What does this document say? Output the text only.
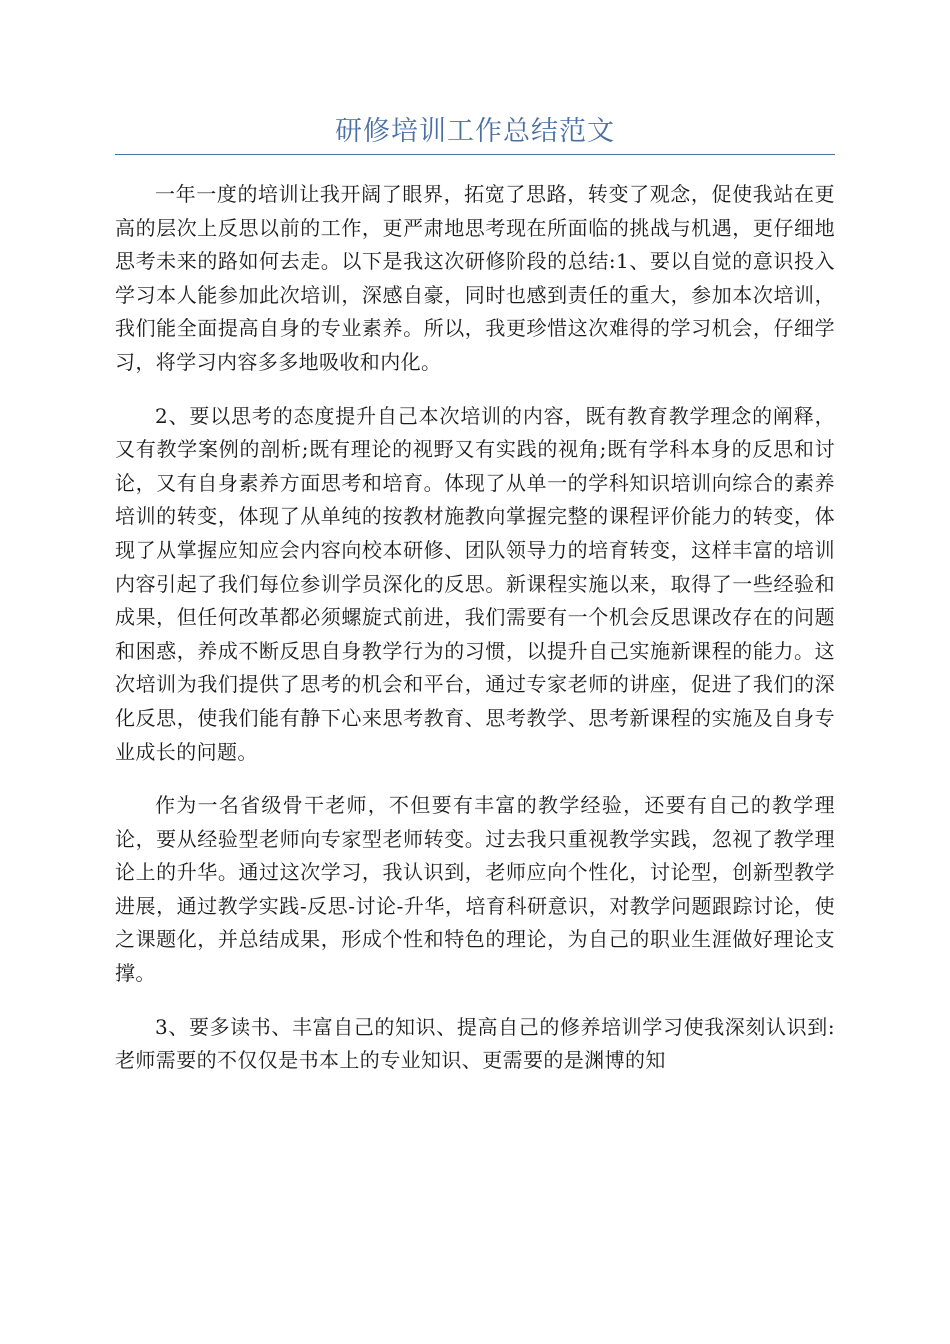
研修培训工作总结范文

一年一度的培训让我开阔了眼界，拓宽了思路，转变了观念，促使我站在更高的层次上反思以前的工作，更严肃地思考现在所面临的挑战与机遇，更仔细地思考未来的路如何去走。以下是我这次研修阶段的总结:1、要以自觉的意识投入学习本人能参加此次培训，深感自豪，同时也感到责任的重大，参加本次培训，我们能全面提高自身的专业素养。所以，我更珍惜这次难得的学习机会，仔细学习，将学习内容多多地吸收和内化。

2、要以思考的态度提升自己本次培训的内容，既有教育教学理念的阐释，又有教学案例的剖析;既有理论的视野又有实践的视角;既有学科本身的反思和讨论，又有自身素养方面思考和培育。体现了从单一的学科知识培训向综合的素养培训的转变，体现了从单纯的按教材施教向掌握完整的课程评价能力的转变，体现了从掌握应知应会内容向校本研修、团队领导力的培育转变，这样丰富的培训内容引起了我们每位参训学员深化的反思。新课程实施以来，取得了一些经验和成果，但任何改革都必须螺旋式前进，我们需要有一个机会反思课改存在的问题和困惑，养成不断反思自身教学行为的习惯，以提升自己实施新课程的能力。这次培训为我们提供了思考的机会和平台，通过专家老师的讲座，促进了我们的深化反思，使我们能有静下心来思考教育、思考教学、思考新课程的实施及自身专业成长的问题。

作为一名省级骨干老师，不但要有丰富的教学经验，还要有自己的教学理论，要从经验型老师向专家型老师转变。过去我只重视教学实践，忽视了教学理论上的升华。通过这次学习，我认识到，老师应向个性化，讨论型，创新型教学进展，通过教学实践-反思-讨论-升华，培育科研意识，对教学问题跟踪讨论，使之课题化，并总结成果，形成个性和特色的理论，为自己的职业生涯做好理论支撑。

3、要多读书、丰富自己的知识、提高自己的修养培训学习使我深刻认识到:老师需要的不仅仅是书本上的专业知识、更需要的是渊博的知
